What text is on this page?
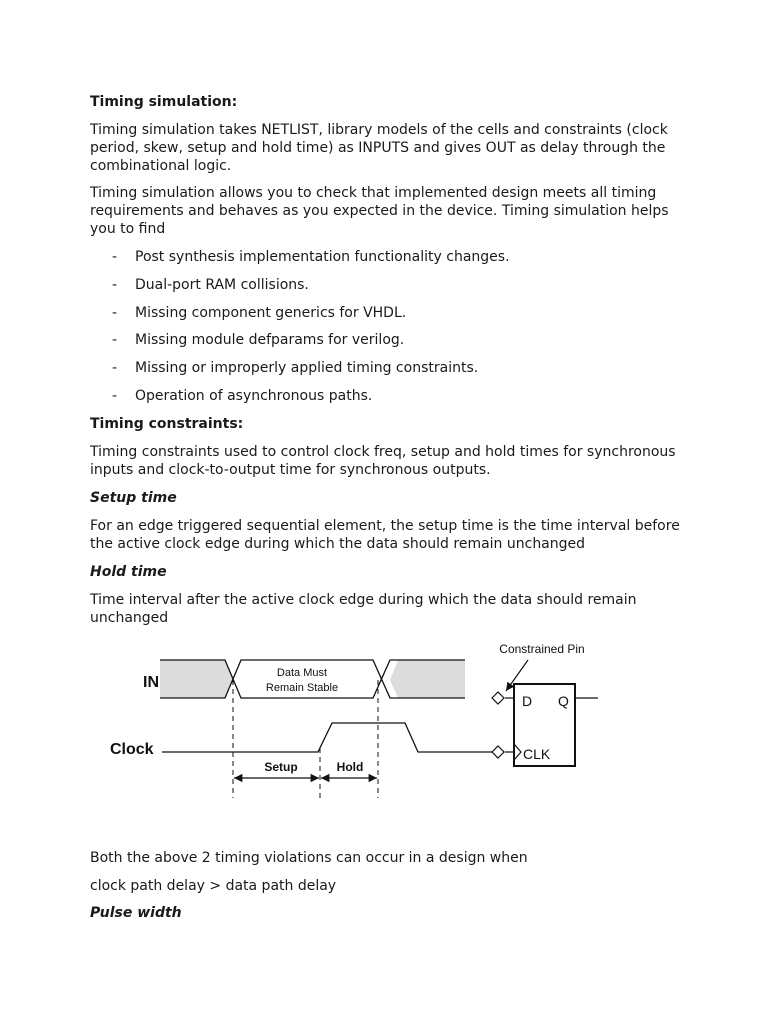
Timing simulation:
Timing simulation takes NETLIST, library models of the cells and constraints (clock period, skew, setup and hold time) as INPUTS and gives OUT as delay through the combinational logic.
Timing simulation allows you to check that implemented design meets all timing requirements and behaves as you expected in the device. Timing simulation helps you to find
- Post synthesis implementation functionality changes.
- Dual-port RAM collisions.
- Missing component generics for VHDL.
- Missing module defparams for verilog.
- Missing or improperly applied timing constraints.
- Operation of asynchronous paths.
Timing constraints:
Timing constraints used to control clock freq, setup and hold times for synchronous inputs and clock-to-output time for synchronous outputs.
Setup time
For an edge triggered sequential element, the setup time is the time interval before the active clock edge during which the data should remain unchanged
Hold time
Time interval after the active clock edge during which the data should remain unchanged
IN
Data Must
Remain Stable
Clock
Setup	Hold
Constrained Pin
D Q
CLK
Both the above 2 timing violations can occur in a design when
clock path delay > data path delay
Pulse width
